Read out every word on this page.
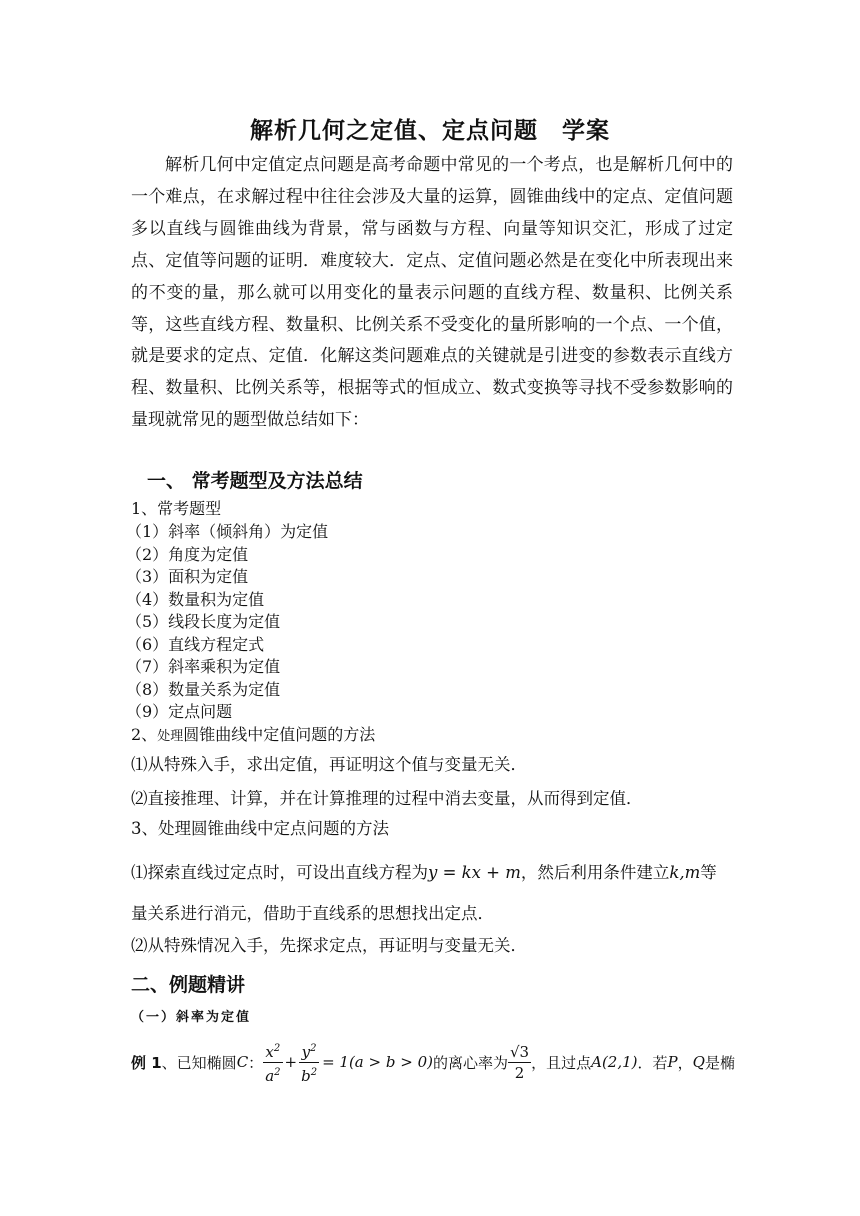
解析几何之定值、定点问题　学案
解析几何中定值定点问题是高考命题中常见的一个考点，也是解析几何中的一个难点，在求解过程中往往会涉及大量的运算，圆锥曲线中的定点、定值问题多以直线与圆锥曲线为背景，常与函数与方程、向量等知识交汇，形成了过定点、定值等问题的证明．难度较大．定点、定值问题必然是在变化中所表现出来的不变的量，那么就可以用变化的量表示问题的直线方程、数量积、比例关系等，这些直线方程、数量积、比例关系不受变化的量所影响的一个点、一个值，就是要求的定点、定值．化解这类问题难点的关键就是引进变的参数表示直线方程、数量积、比例关系等，根据等式的恒成立、数式变换等寻找不受参数影响的量现就常见的题型做总结如下：
一、 常考题型及方法总结
1、常考题型
（1）斜率（倾斜角）为定值
（2）角度为定值
（3）面积为定值
（4）数量积为定值
（5）线段长度为定值
（6）直线方程定式
（7）斜率乘积为定值
（8）数量关系为定值
（9）定点问题
2、处理圆锥曲线中定值问题的方法
⑴从特殊入手，求出定值，再证明这个值与变量无关．
⑵直接推理、计算，并在计算推理的过程中消去变量，从而得到定值．
3、处理圆锥曲线中定点问题的方法
⑴探索直线过定点时，可设出直线方程为y = kx + m，然后利用条件建立k,m等
量关系进行消元，借助于直线系的思想找出定点．
⑵从特殊情况入手，先探求定点，再证明与变量无关．
二、例题精讲
（一）斜率为定值
例 1 、已知椭圆 C ： $\frac{x^2}{a^2} + \frac{y^2}{b^2} = 1(a > b > 0)$ 的离心率为 $\frac{√3}{2}$ ，且过点 A(2,1) ．若 P ， Q 是椭
